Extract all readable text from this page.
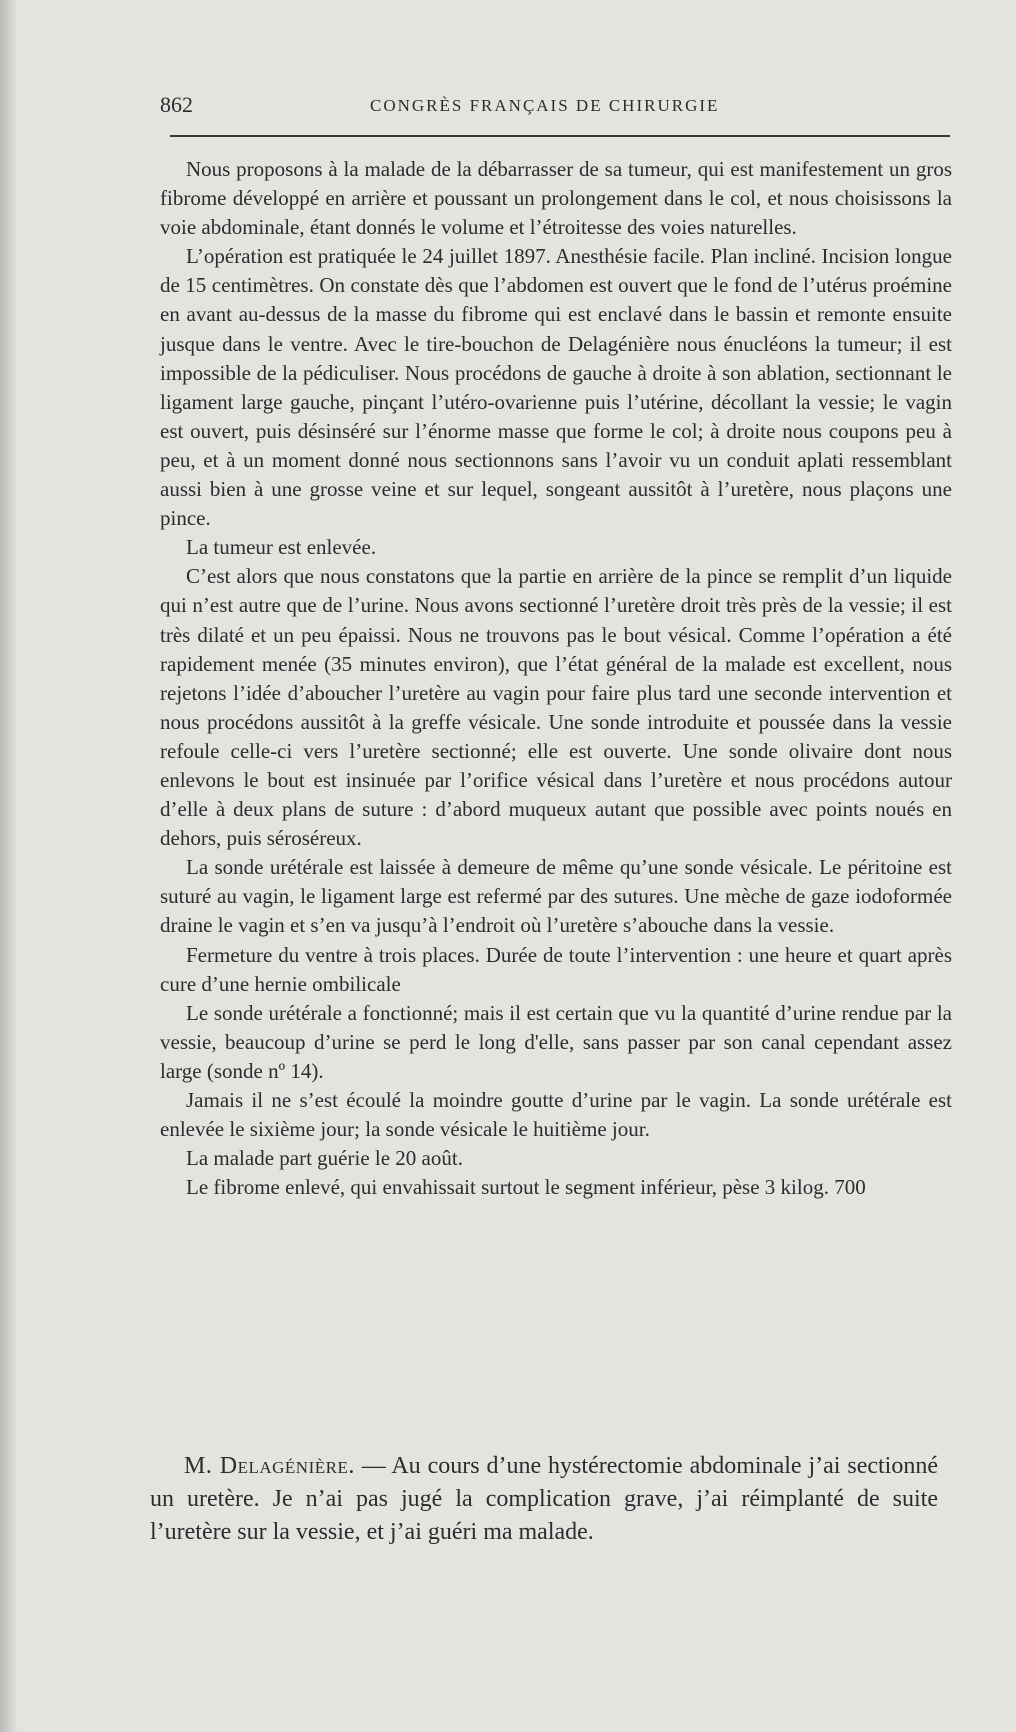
862	CONGRÈS FRANÇAIS DE CHIRURGIE

Nous proposons à la malade de la débarrasser de sa tumeur, qui est manifestement un gros fibrome développé en arrière et poussant un prolongement dans le col, et nous choisissons la voie abdominale, étant donnés le volume et l’étroitesse des voies naturelles.

L’opération est pratiquée le 24 juillet 1897. Anesthésie facile. Plan incliné. Incision longue de 15 centimètres. On constate dès que l’abdomen est ouvert que le fond de l’utérus proémine en avant au-dessus de la masse du fibrome qui est enclavé dans le bassin et remonte ensuite jusque dans le ventre. Avec le tire-bouchon de Delagénière nous énucléons la tumeur; il est impossible de la pédiculiser. Nous procédons de gauche à droite à son ablation, sectionnant le ligament large gauche, pinçant l’utéro-ovarienne puis l’utérine, décollant la vessie; le vagin est ouvert, puis désinséré sur l’énorme masse que forme le col; à droite nous coupons peu à peu, et à un moment donné nous sectionnons sans l’avoir vu un conduit aplati ressemblant aussi bien à une grosse veine et sur lequel, songeant aussitôt à l’uretère, nous plaçons une pince.

La tumeur est enlevée.

C’est alors que nous constatons que la partie en arrière de la pince se remplit d’un liquide qui n’est autre que de l’urine. Nous avons sectionné l’uretère droit très près de la vessie; il est très dilaté et un peu épaissi. Nous ne trouvons pas le bout vésical. Comme l’opération a été rapidement menée (35 minutes environ), que l’état général de la malade est excellent, nous rejetons l’idée d’aboucher l’uretère au vagin pour faire plus tard une seconde intervention et nous procédons aussitôt à la greffe vésicale. Une sonde introduite et poussée dans la vessie refoule celle-ci vers l’uretère sectionné; elle est ouverte. Une sonde olivaire dont nous enlevons le bout est insinuée par l’orifice vésical dans l’uretère et nous procédons autour d’elle à deux plans de suture : d’abord muqueux autant que possible avec points noués en dehors, puis séroséreux.

La sonde urétérale est laissée à demeure de même qu’une sonde vésicale. Le péritoine est suturé au vagin, le ligament large est refermé par des sutures. Une mèche de gaze iodoformée draine le vagin et s’en va jusqu’à l’endroit où l’uretère s’abouche dans la vessie.

Fermeture du ventre à trois places. Durée de toute l’intervention : une heure et quart après cure d’une hernie ombilicale

Le sonde urétérale a fonctionné; mais il est certain que vu la quantité d’urine rendue par la vessie, beaucoup d’urine se perd le long d'elle, sans passer par son canal cependant assez large (sonde nº 14).

Jamais il ne s’est écoulé la moindre goutte d’urine par le vagin. La sonde urétérale est enlevée le sixième jour; la sonde vésicale le huitième jour.

La malade part guérie le 20 août.

Le fibrome enlevé, qui envahissait surtout le segment inférieur, pèse 3 kilog. 700

M. Delagénière. — Au cours d’une hystérectomie abdominale j’ai sectionné un uretère. Je n’ai pas jugé la complication grave, j’ai réimplanté de suite l’uretère sur la vessie, et j’ai guéri ma malade.
